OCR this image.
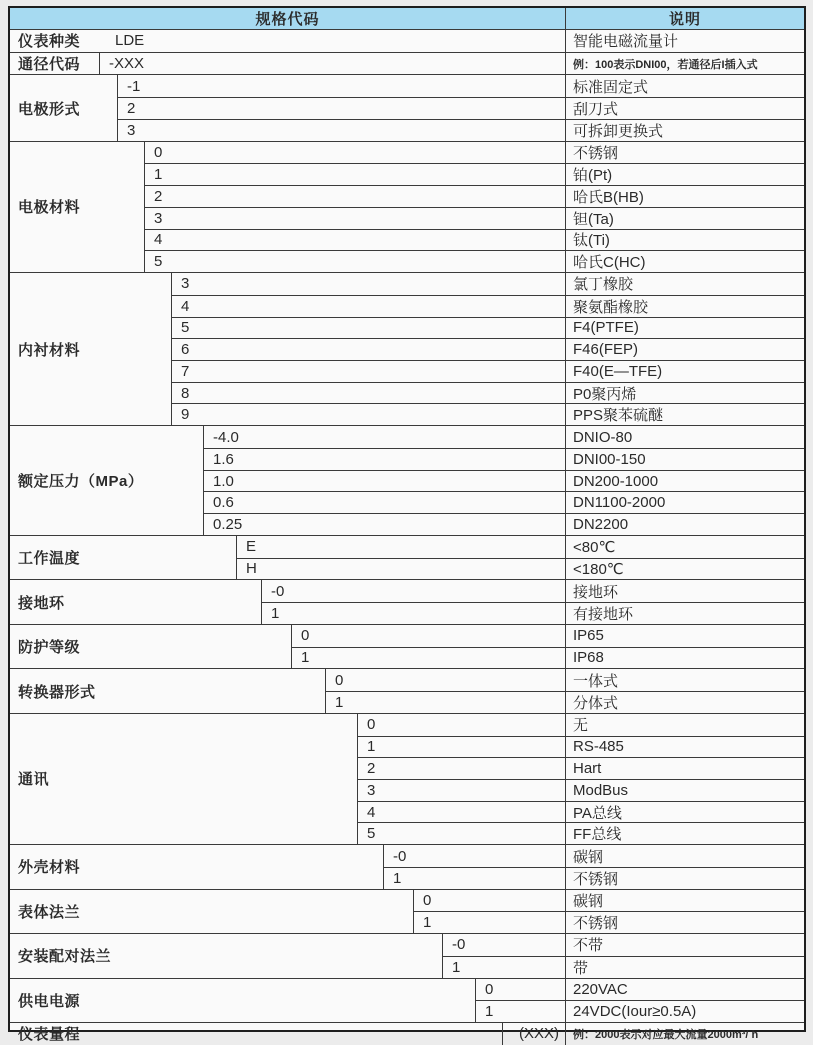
规格代码	说明
仪表种类	LDE	智能电磁流量计
通径代码	-XXX	例：100表示DNI00，若通径后I插入式
电极形式
-1	标准固定式
2	刮刀式
3	可拆卸更换式
电极材料
0	不锈钢
1	铂(Pt)
2	哈氏B(HB)
3	钽(Ta)
4	钛(Ti)
5	哈氏C(HC)
内衬材料
3	氯丁橡胶
4	聚氨酯橡胶
5	F4(PTFE)
6	F46(FEP)
7	F40(E—TFE)
8	P0聚丙烯
9	PPS聚苯硫醚
额定压力（MPa）
-4.0	DNIO-80
1.6	DNI00-150
1.0	DN200-1000
0.6	DN1100-2000
0.25	DN2200
工作温度
E	<80℃
H	<180℃
接地环
-0	接地环
1	有接地环
防护等级
0	IP65
1	IP68
转换器形式
0	一体式
1	分体式
通讯
0	无
1	RS-485
2	Hart
3	ModBus
4	PA总线
5	FF总线
外壳材料
-0	碳钢
1	不锈钢
表体法兰
0	碳钢
1	不锈钢
安装配对法兰
-0	不带
1	带
供电电源
0	220VAC
1	24VDC(Iour≥0.5A)
仪表量程	(XXX)	例：2000表示对应最大流量2000m³/ h
